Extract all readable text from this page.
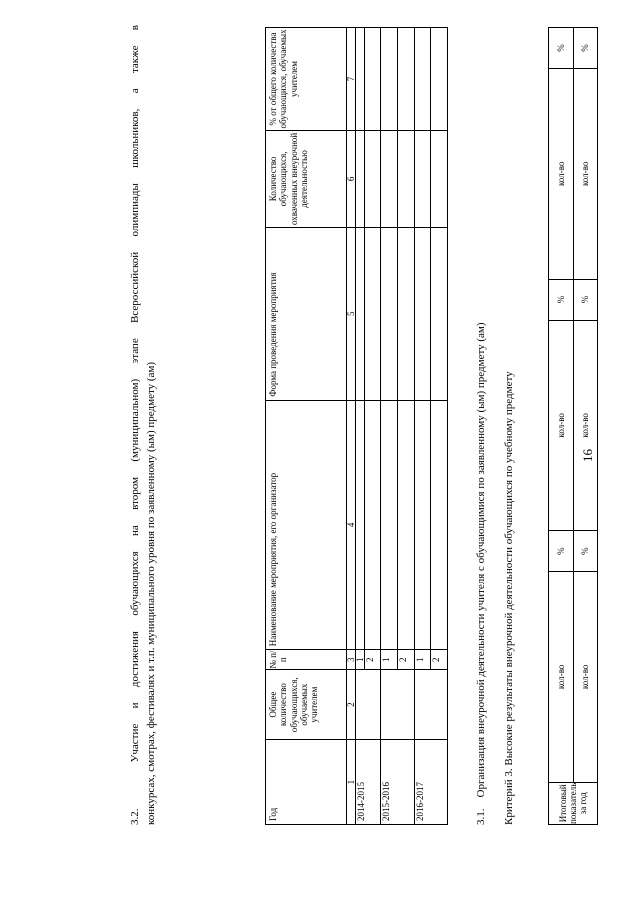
16
Итоговый показатель за год	кол-во	%	кол-во	%	кол-во	%
	кол-во	%	кол-во	%	кол-во	%
Критерий 3. Высокие результаты внеурочной деятельности обучающихся по учебному предмету
3.1.    Организация внеурочной деятельности учителя с обучающимися по заявленному (ым) предмету (ам)
Год	Общее количество обучающихся, обучаемых учителем	№ п/п	Наименование мероприятия, его организатор	Форма проведения мероприятия	Количество обучающихся, охваченных внеурочной деятельностью	% от общего количества обучающихся, обучаемых учителем
1	2	3	4	5	6	7
2014-2015		1				
		2				
2015-2016		1				
		2				
2016-2017		1				
		2				
3.2.   Участие и достижения обучающихся на втором (муниципальном) этапе Всероссийской олимпиады школьников, а также в конкурсах, смотрах, фестивалях и т.п. муниципального уровня по заявленному (ым) предмету (ам)
